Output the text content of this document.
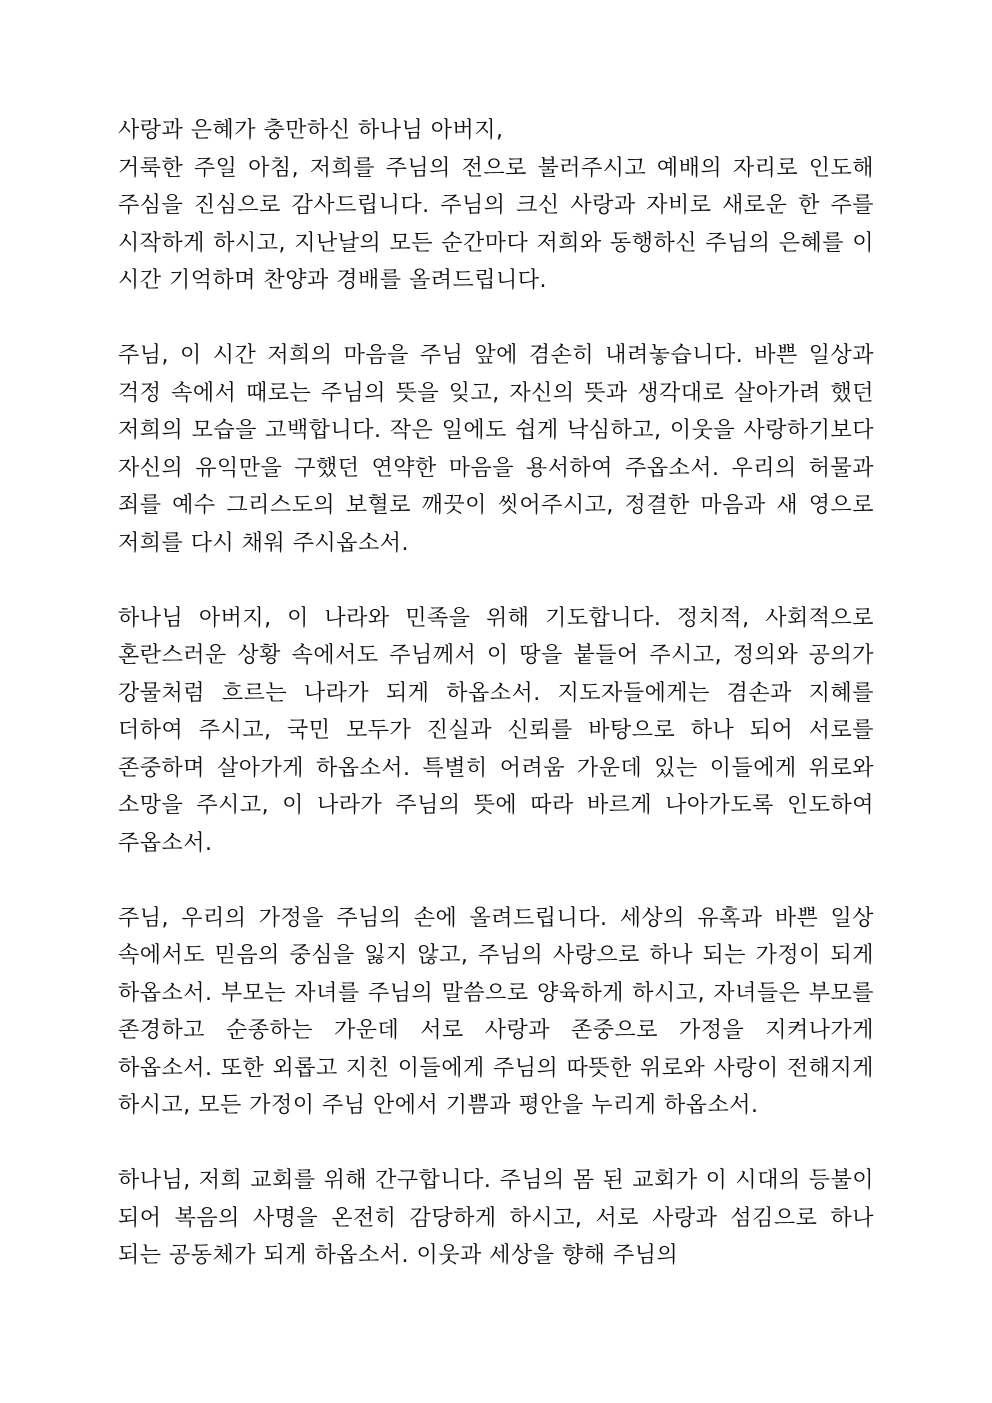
사랑과 은혜가 충만하신 하나님 아버지,

거룩한 주일 아침, 저희를 주님의 전으로 불러주시고 예배의 자리로 인도해 주심을 진심으로 감사드립니다. 주님의 크신 사랑과 자비로 새로운 한 주를 시작하게 하시고, 지난날의 모든 순간마다 저희와 동행하신 주님의 은혜를 이 시간 기억하며 찬양과 경배를 올려드립니다.

주님, 이 시간 저희의 마음을 주님 앞에 겸손히 내려놓습니다. 바쁜 일상과 걱정 속에서 때로는 주님의 뜻을 잊고, 자신의 뜻과 생각대로 살아가려 했던 저희의 모습을 고백합니다. 작은 일에도 쉽게 낙심하고, 이웃을 사랑하기보다 자신의 유익만을 구했던 연약한 마음을 용서하여 주옵소서. 우리의 허물과 죄를 예수 그리스도의 보혈로 깨끗이 씻어주시고, 정결한 마음과 새 영으로 저희를 다시 채워 주시옵소서.

하나님 아버지, 이 나라와 민족을 위해 기도합니다. 정치적, 사회적으로 혼란스러운 상황 속에서도 주님께서 이 땅을 붙들어 주시고, 정의와 공의가 강물처럼 흐르는 나라가 되게 하옵소서. 지도자들에게는 겸손과 지혜를 더하여 주시고, 국민 모두가 진실과 신뢰를 바탕으로 하나 되어 서로를 존중하며 살아가게 하옵소서. 특별히 어려움 가운데 있는 이들에게 위로와 소망을 주시고, 이 나라가 주님의 뜻에 따라 바르게 나아가도록 인도하여 주옵소서.

주님, 우리의 가정을 주님의 손에 올려드립니다. 세상의 유혹과 바쁜 일상 속에서도 믿음의 중심을 잃지 않고, 주님의 사랑으로 하나 되는 가정이 되게 하옵소서. 부모는 자녀를 주님의 말씀으로 양육하게 하시고, 자녀들은 부모를 존경하고 순종하는 가운데 서로 사랑과 존중으로 가정을 지켜나가게 하옵소서. 또한 외롭고 지친 이들에게 주님의 따뜻한 위로와 사랑이 전해지게 하시고, 모든 가정이 주님 안에서 기쁨과 평안을 누리게 하옵소서.

하나님, 저희 교회를 위해 간구합니다. 주님의 몸 된 교회가 이 시대의 등불이 되어 복음의 사명을 온전히 감당하게 하시고, 서로 사랑과 섬김으로 하나 되는 공동체가 되게 하옵소서. 이웃과 세상을 향해 주님의
